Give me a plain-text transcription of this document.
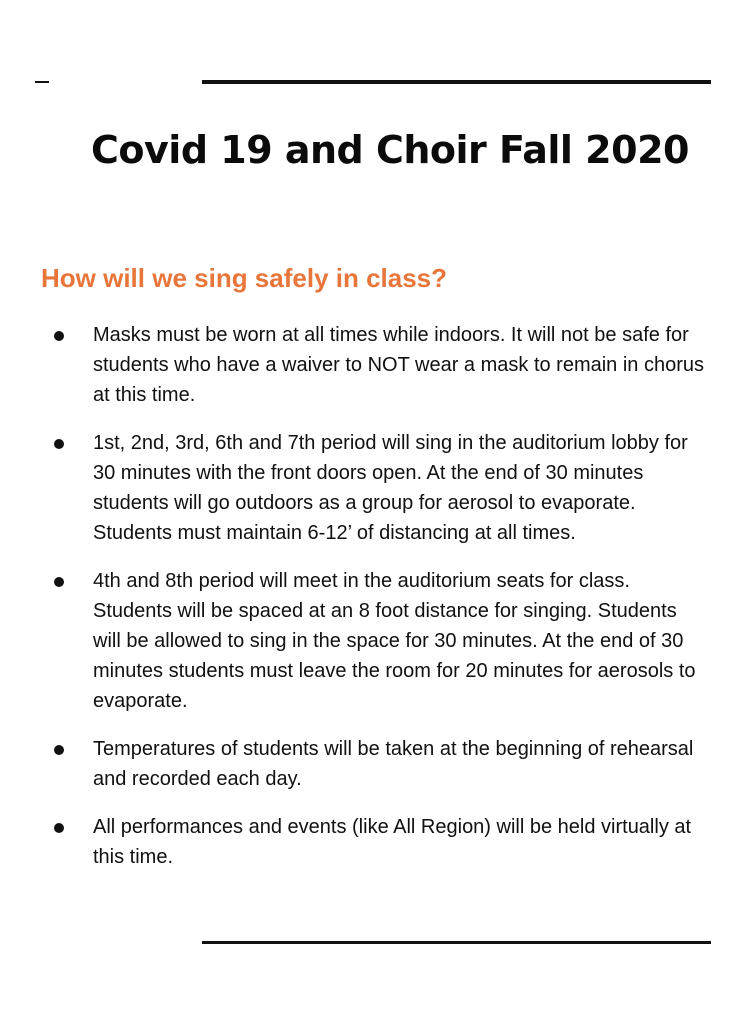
Covid 19 and Choir Fall 2020
How will we sing safely in class?
Masks must be worn at all times while indoors. It will not be safe for students who have a waiver to NOT wear a mask to remain in chorus at this time.
1st, 2nd, 3rd, 6th and 7th period will sing in the auditorium lobby for 30 minutes with the front doors open. At the end of 30 minutes students will go outdoors as a group for aerosol to evaporate. Students must maintain 6-12’ of distancing at all times.
4th and 8th period will meet in the auditorium seats for class. Students will be spaced at an 8 foot distance for singing. Students will be allowed to sing in the space for 30 minutes. At the end of 30 minutes students must leave the room for 20 minutes for aerosols to evaporate.
Temperatures of students will be taken at the beginning of rehearsal and recorded each day.
All performances and events (like All Region) will be held virtually at this time.
